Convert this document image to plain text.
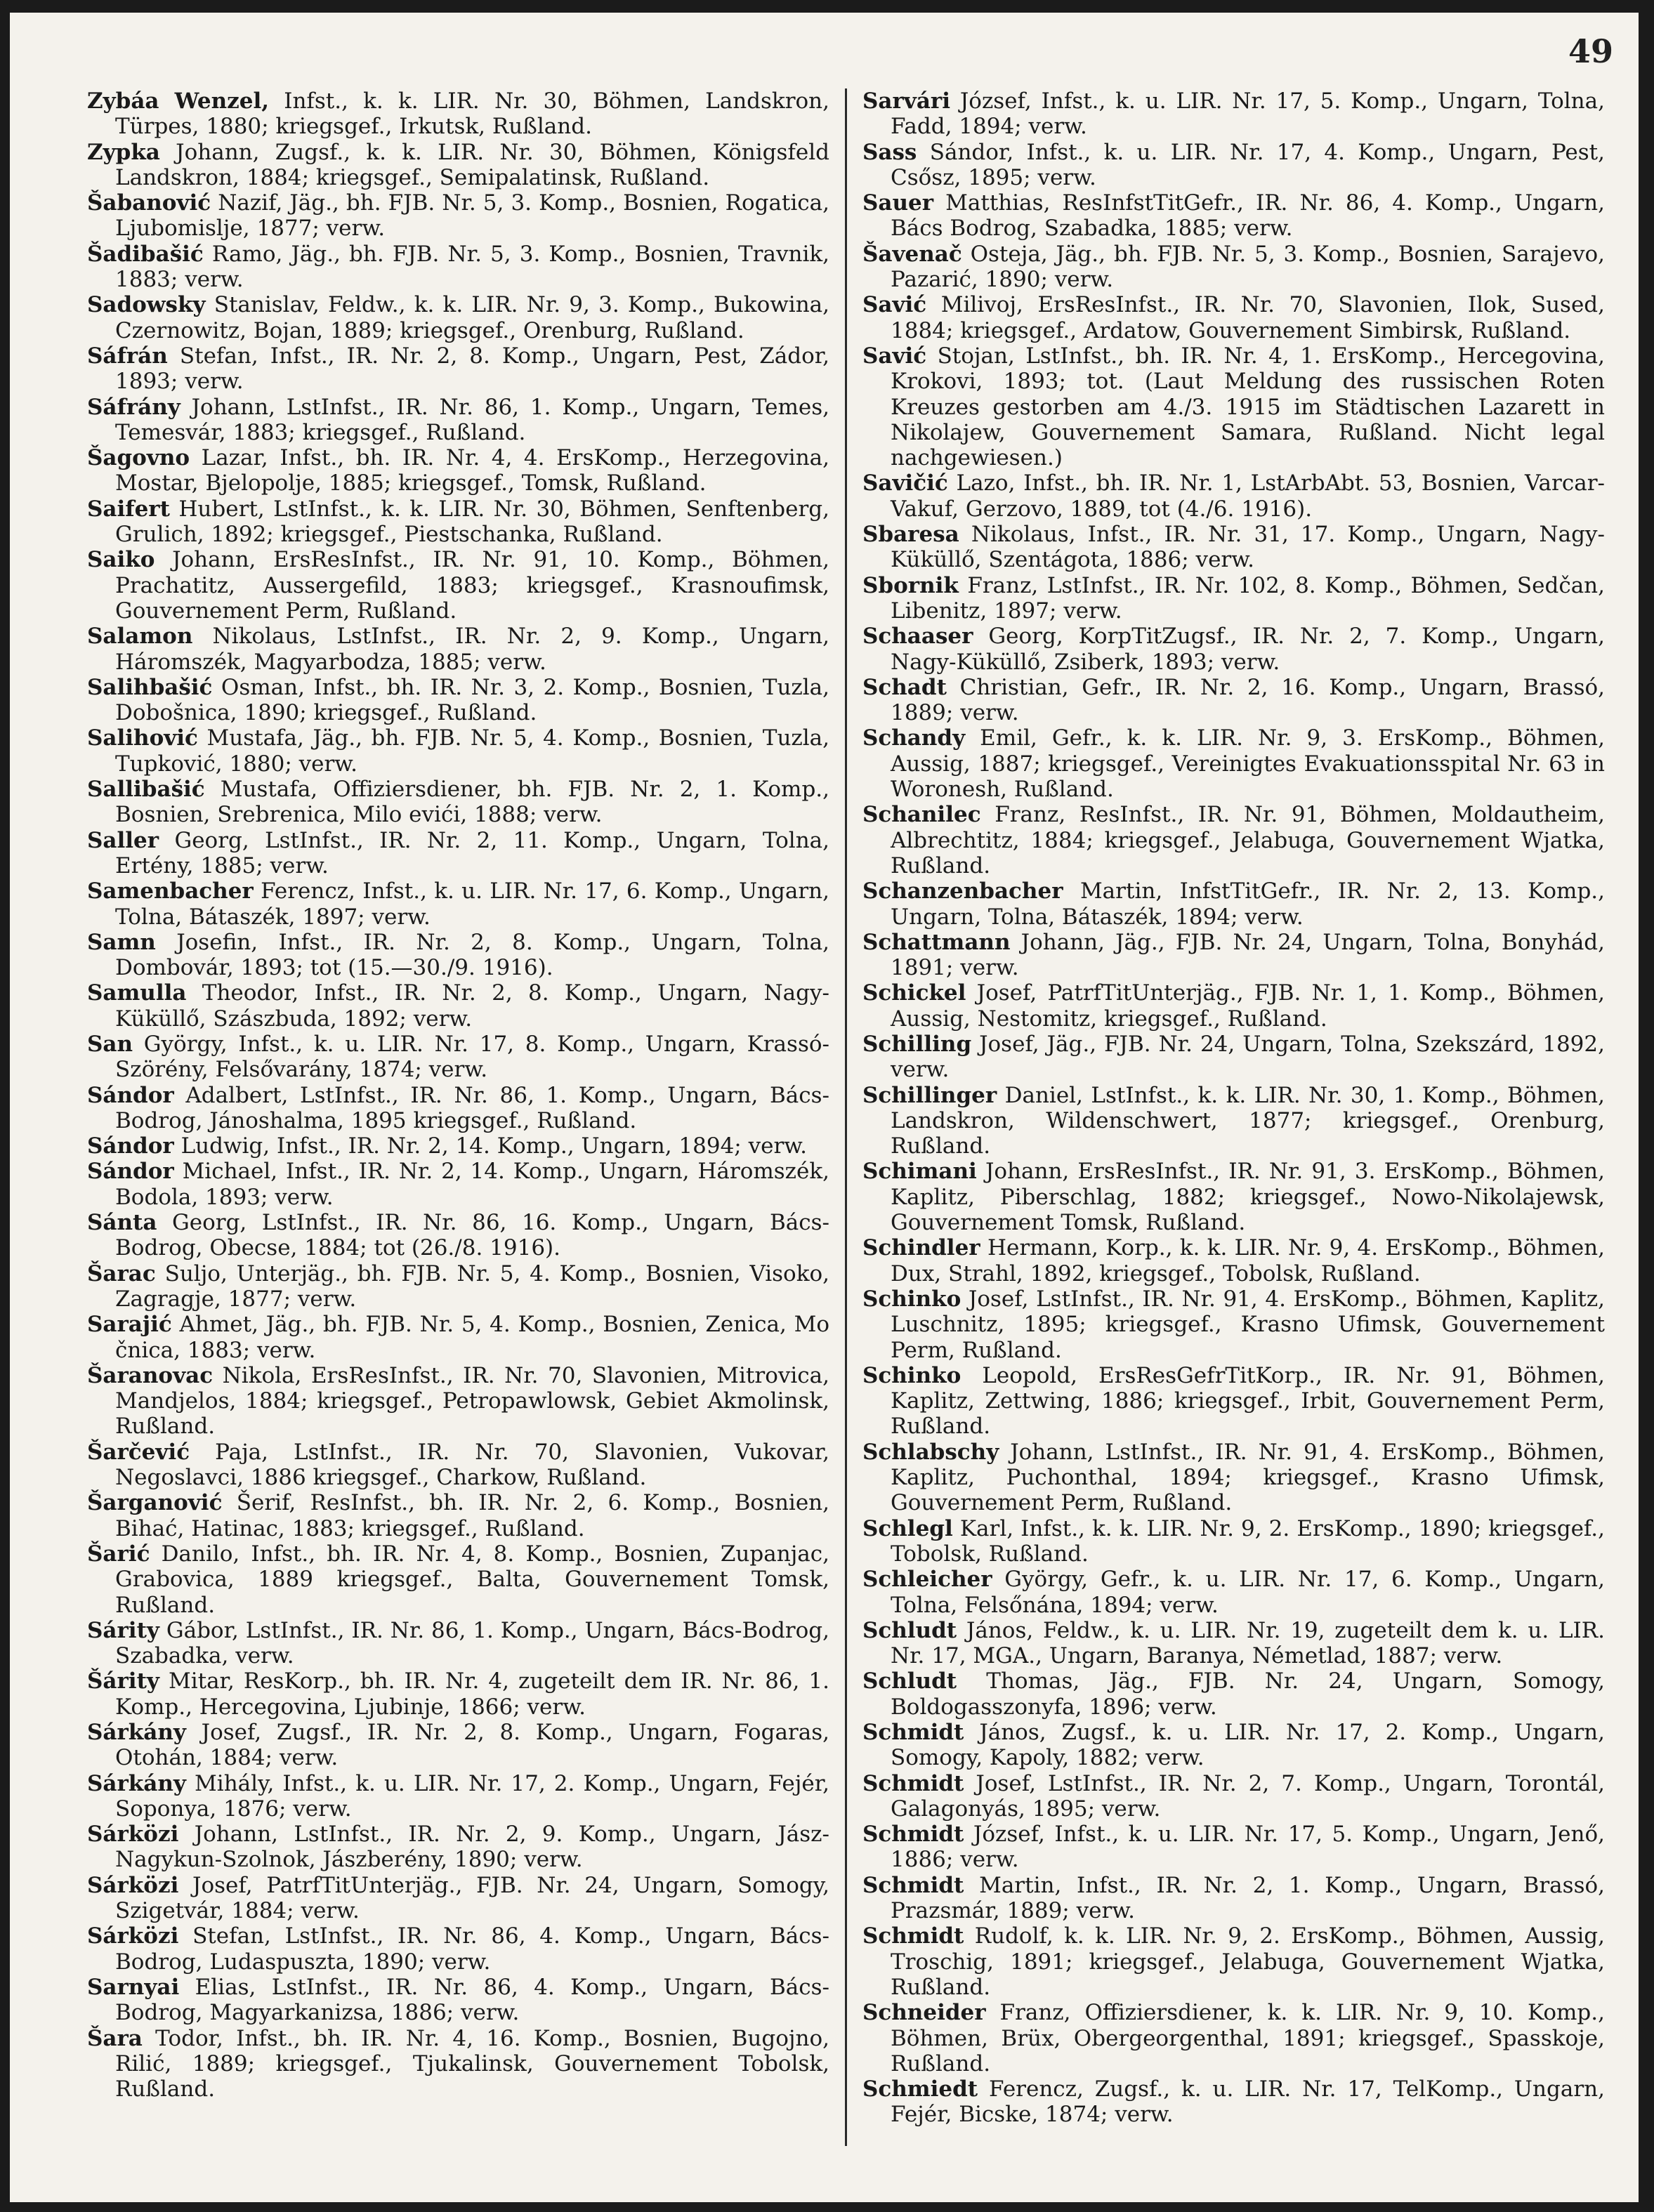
49

Zybáa Wenzel, Infst., k. k. LIR. Nr. 30, Böhmen, Landskron, Türpes, 1880; kriegsgef., Irkutsk, Rußland.

Zypka Johann, Zugsf., k. k. LIR. Nr. 30, Böhmen, Königsfeld Landskron, 1884; kriegsgef., Semipalatinsk, Rußland.

Šabanović Nazif, Jäg., bh. FJB. Nr. 5, 3. Komp., Bosnien, Rogatica, Ljubomislje, 1877; verw.

Šadibašić Ramo, Jäg., bh. FJB. Nr. 5, 3. Komp., Bosnien, Travnik, 1883; verw.

Sadowsky Stanislav, Feldw., k. k. LIR. Nr. 9, 3. Komp., Bukowina, Czernowitz, Bojan, 1889; kriegsgef., Orenburg, Rußland.

Sáfrán Stefan, Infst., IR. Nr. 2, 8. Komp., Ungarn, Pest, Zádor, 1893; verw.

Sáfrány Johann, LstInfst., IR. Nr. 86, 1. Komp., Ungarn, Temes, Temesvár, 1883; kriegsgef., Rußland.

Šagovno Lazar, Infst., bh. IR. Nr. 4, 4. ErsKomp., Herzegovina, Mostar, Bjelopolje, 1885; kriegsgef., Tomsk, Rußland.

Saifert Hubert, LstInfst., k. k. LIR. Nr. 30, Böhmen, Senftenberg, Grulich, 1892; kriegsgef., Piestschanka, Rußland.

Saiko Johann, ErsResInfst., IR. Nr. 91, 10. Komp., Böhmen, Prachatitz, Aussergefild, 1883; kriegsgef., Krasnoufimsk, Gouvernement Perm, Rußland.

Salamon Nikolaus, LstInfst., IR. Nr. 2, 9. Komp., Ungarn, Háromszék, Magyarbodza, 1885; verw.

Salihbašić Osman, Infst., bh. IR. Nr. 3, 2. Komp., Bosnien, Tuzla, Dobošnica, 1890; kriegsgef., Rußland.

Salihović Mustafa, Jäg., bh. FJB. Nr. 5, 4. Komp., Bosnien, Tuzla, Tupković, 1880; verw.

Sallibašić Mustafa, Offiziersdiener, bh. FJB. Nr. 2, 1. Komp., Bosnien, Srebrenica, Milo evići, 1888; verw.

Saller Georg, LstInfst., IR. Nr. 2, 11. Komp., Ungarn, Tolna, Ertény, 1885; verw.

Samenbacher Ferencz, Infst., k. u. LIR. Nr. 17, 6. Komp., Ungarn, Tolna, Bátaszék, 1897; verw.

Samn Josefin, Infst., IR. Nr. 2, 8. Komp., Ungarn, Tolna, Dombovár, 1893; tot (15.—30./9. 1916).

Samulla Theodor, Infst., IR. Nr. 2, 8. Komp., Ungarn, Nagy-Küküllő, Szászbuda, 1892; verw.

San György, Infst., k. u. LIR. Nr. 17, 8. Komp., Ungarn, Krassó-Szörény, Felsővarány, 1874; verw.

Sándor Adalbert, LstInfst., IR. Nr. 86, 1. Komp., Ungarn, Bács-Bodrog, Jánoshalma, 1895 kriegsgef., Rußland.

Sándor Ludwig, Infst., IR. Nr. 2, 14. Komp., Ungarn, 1894; verw.

Sándor Michael, Infst., IR. Nr. 2, 14. Komp., Ungarn, Háromszék, Bodola, 1893; verw.

Sánta Georg, LstInfst., IR. Nr. 86, 16. Komp., Ungarn, Bács-Bodrog, Obecse, 1884; tot (26./8. 1916).

Šarac Suljo, Unterjäg., bh. FJB. Nr. 5, 4. Komp., Bosnien, Visoko, Zagragje, 1877; verw.

Sarajić Ahmet, Jäg., bh. FJB. Nr. 5, 4. Komp., Bosnien, Zenica, Mo čnica, 1883; verw.

Šaranovac Nikola, ErsResInfst., IR. Nr. 70, Slavonien, Mitrovica, Mandjelos, 1884; kriegsgef., Petropawlowsk, Gebiet Akmolinsk, Rußland.

Šarčević Paja, LstInfst., IR. Nr. 70, Slavonien, Vukovar, Negoslavci, 1886 kriegsgef., Charkow, Rußland.

Šarganović Šerif, ResInfst., bh. IR. Nr. 2, 6. Komp., Bosnien, Bihać, Hatinac, 1883; kriegsgef., Rußland.

Šarić Danilo, Infst., bh. IR. Nr. 4, 8. Komp., Bosnien, Zupanjac, Grabovica, 1889 kriegsgef., Balta, Gouvernement Tomsk, Rußland.

Sárity Gábor, LstInfst., IR. Nr. 86, 1. Komp., Ungarn, Bács-Bodrog, Szabadka, verw.

Šárity Mitar, ResKorp., bh. IR. Nr. 4, zugeteilt dem IR. Nr. 86, 1. Komp., Hercegovina, Ljubinje, 1866; verw.

Sárkány Josef, Zugsf., IR. Nr. 2, 8. Komp., Ungarn, Fogaras, Otohán, 1884; verw.

Sárkány Mihály, Infst., k. u. LIR. Nr. 17, 2. Komp., Ungarn, Fejér, Soponya, 1876; verw.

Sárközi Johann, LstInfst., IR. Nr. 2, 9. Komp., Ungarn, Jász-Nagykun-Szolnok, Jászberény, 1890; verw.

Sárközi Josef, PatrfTitUnterjäg., FJB. Nr. 24, Ungarn, Somogy, Szigetvár, 1884; verw.

Sárközi Stefan, LstInfst., IR. Nr. 86, 4. Komp., Ungarn, Bács-Bodrog, Ludaspuszta, 1890; verw.

Sarnyai Elias, LstInfst., IR. Nr. 86, 4. Komp., Ungarn, Bács-Bodrog, Magyarkanizsa, 1886; verw.

Šara Todor, Infst., bh. IR. Nr. 4, 16. Komp., Bosnien, Bugojno, Rilić, 1889; kriegsgef., Tjukalinsk, Gouvernement Tobolsk, Rußland.

Sarvári József, Infst., k. u. LIR. Nr. 17, 5. Komp., Ungarn, Tolna, Fadd, 1894; verw.

Sass Sándor, Infst., k. u. LIR. Nr. 17, 4. Komp., Ungarn, Pest, Csősz, 1895; verw.

Sauer Matthias, ResInfstTitGefr., IR. Nr. 86, 4. Komp., Ungarn, Bács Bodrog, Szabadka, 1885; verw.

Šavenač Osteja, Jäg., bh. FJB. Nr. 5, 3. Komp., Bosnien, Sarajevo, Pazarić, 1890; verw.

Savić Milivoj, ErsResInfst., IR. Nr. 70, Slavonien, Ilok, Sused, 1884; kriegsgef., Ardatow, Gouvernement Simbirsk, Rußland.

Savić Stojan, LstInfst., bh. IR. Nr. 4, 1. ErsKomp., Hercegovina, Krokovi, 1893; tot. (Laut Meldung des russischen Roten Kreuzes gestorben am 4./3. 1915 im Städtischen Lazarett in Nikolajew, Gouvernement Samara, Rußland. Nicht legal nachgewiesen.)

Savičić Lazo, Infst., bh. IR. Nr. 1, LstArbAbt. 53, Bosnien, Varcar-Vakuf, Gerzovo, 1889, tot (4./6. 1916).

Sbaresa Nikolaus, Infst., IR. Nr. 31, 17. Komp., Ungarn, Nagy-Küküllő, Szentágota, 1886; verw.

Sbornik Franz, LstInfst., IR. Nr. 102, 8. Komp., Böhmen, Sedčan, Libenitz, 1897; verw.

Schaaser Georg, KorpTitZugsf., IR. Nr. 2, 7. Komp., Ungarn, Nagy-Küküllő, Zsiberk, 1893; verw.

Schadt Christian, Gefr., IR. Nr. 2, 16. Komp., Ungarn, Brassó, 1889; verw.

Schandy Emil, Gefr., k. k. LIR. Nr. 9, 3. ErsKomp., Böhmen, Aussig, 1887; kriegsgef., Vereinigtes Evakuationsspital Nr. 63 in Woronesh, Rußland.

Schanilec Franz, ResInfst., IR. Nr. 91, Böhmen, Moldautheim, Albrechtitz, 1884; kriegsgef., Jelabuga, Gouvernement Wjatka, Rußland.

Schanzenbacher Martin, InfstTitGefr., IR. Nr. 2, 13. Komp., Ungarn, Tolna, Bátaszék, 1894; verw.

Schattmann Johann, Jäg., FJB. Nr. 24, Ungarn, Tolna, Bonyhád, 1891; verw.

Schickel Josef, PatrfTitUnterjäg., FJB. Nr. 1, 1. Komp., Böhmen, Aussig, Nestomitz, kriegsgef., Rußland.

Schilling Josef, Jäg., FJB. Nr. 24, Ungarn, Tolna, Szekszárd, 1892, verw.

Schillinger Daniel, LstInfst., k. k. LIR. Nr. 30, 1. Komp., Böhmen, Landskron, Wildenschwert, 1877; kriegsgef., Orenburg, Rußland.

Schimani Johann, ErsResInfst., IR. Nr. 91, 3. ErsKomp., Böhmen, Kaplitz, Piberschlag, 1882; kriegsgef., Nowo-Nikolajewsk, Gouvernement Tomsk, Rußland.

Schindler Hermann, Korp., k. k. LIR. Nr. 9, 4. ErsKomp., Böhmen, Dux, Strahl, 1892, kriegsgef., Tobolsk, Rußland.

Schinko Josef, LstInfst., IR. Nr. 91, 4. ErsKomp., Böhmen, Kaplitz, Luschnitz, 1895; kriegsgef., Krasno Ufimsk, Gouvernement Perm, Rußland.

Schinko Leopold, ErsResGefrTitKorp., IR. Nr. 91, Böhmen, Kaplitz, Zettwing, 1886; kriegsgef., Irbit, Gouvernement Perm, Rußland.

Schlabschy Johann, LstInfst., IR. Nr. 91, 4. ErsKomp., Böhmen, Kaplitz, Puchonthal, 1894; kriegsgef., Krasno Ufimsk, Gouvernement Perm, Rußland.

Schlegl Karl, Infst., k. k. LIR. Nr. 9, 2. ErsKomp., 1890; kriegsgef., Tobolsk, Rußland.

Schleicher György, Gefr., k. u. LIR. Nr. 17, 6. Komp., Ungarn, Tolna, Felsőnána, 1894; verw.

Schludt János, Feldw., k. u. LIR. Nr. 19, zugeteilt dem k. u. LIR. Nr. 17, MGA., Ungarn, Baranya, Németlad, 1887; verw.

Schludt Thomas, Jäg., FJB. Nr. 24, Ungarn, Somogy, Boldogasszonyfa, 1896; verw.

Schmidt János, Zugsf., k. u. LIR. Nr. 17, 2. Komp., Ungarn, Somogy, Kapoly, 1882; verw.

Schmidt Josef, LstInfst., IR. Nr. 2, 7. Komp., Ungarn, Torontál, Galagonyás, 1895; verw.

Schmidt József, Infst., k. u. LIR. Nr. 17, 5. Komp., Ungarn, Jenő, 1886; verw.

Schmidt Martin, Infst., IR. Nr. 2, 1. Komp., Ungarn, Brassó, Prazsmár, 1889; verw.

Schmidt Rudolf, k. k. LIR. Nr. 9, 2. ErsKomp., Böhmen, Aussig, Troschig, 1891; kriegsgef., Jelabuga, Gouvernement Wjatka, Rußland.

Schneider Franz, Offiziersdiener, k. k. LIR. Nr. 9, 10. Komp., Böhmen, Brüx, Obergeorgenthal, 1891; kriegsgef., Spasskoje, Rußland.

Schmiedt Ferencz, Zugsf., k. u. LIR. Nr. 17, TelKomp., Ungarn, Fejér, Bicske, 1874; verw.
